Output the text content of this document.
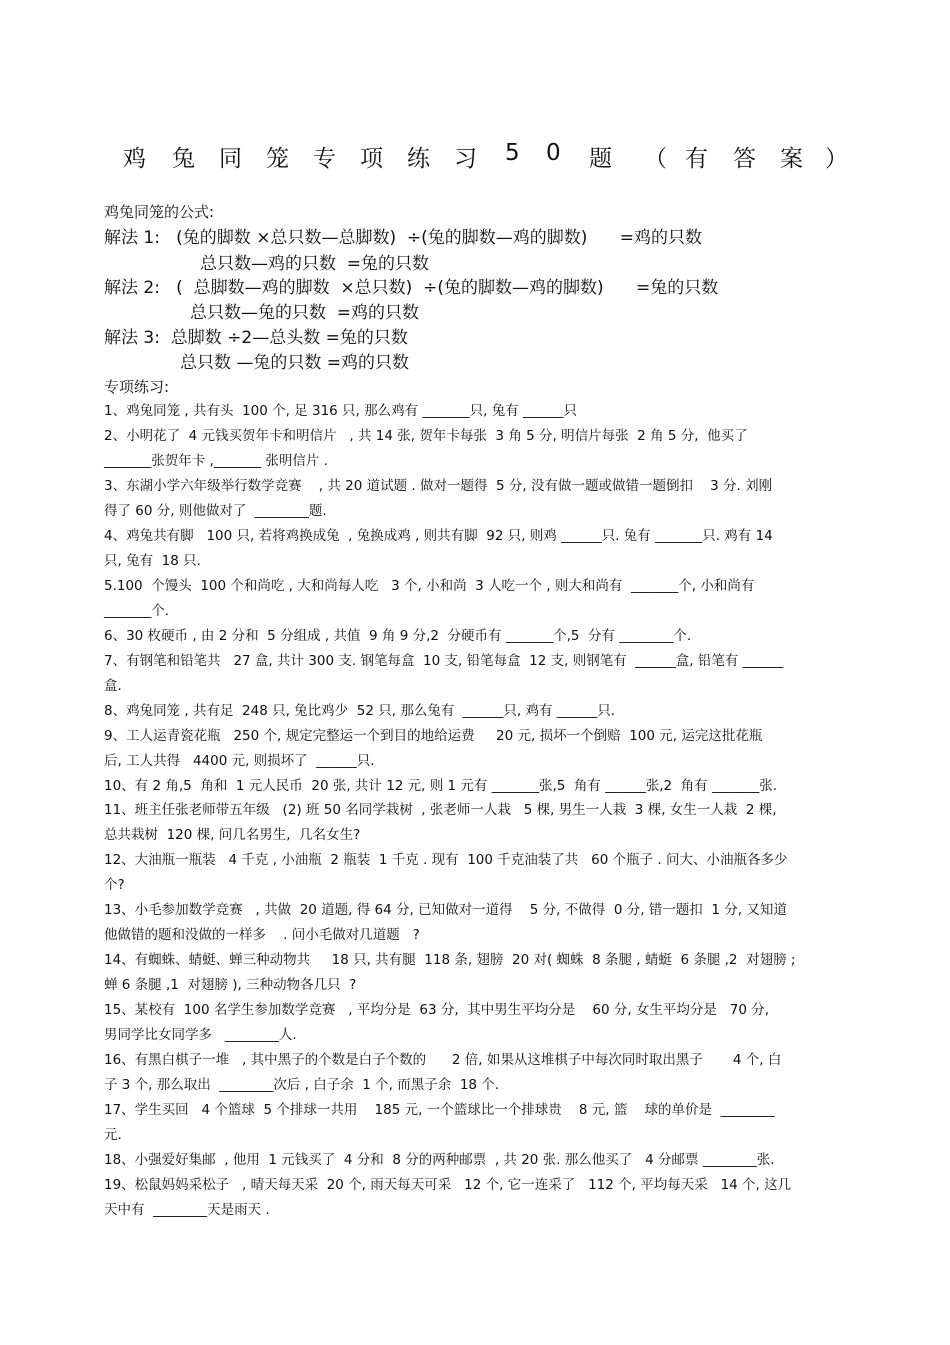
鸡 兔 同 笼 专 项 练 习 5 0 题 （ 有 答 案 ）
鸡兔同笼的公式:
解法 1:   (兔的脚数 ×总只数—总脚数)  ÷(兔的脚数—鸡的脚数)      =鸡的只数
总只数—鸡的只数  =兔的只数
解法 2:   (  总脚数—鸡的脚数  ×总只数)  ÷(兔的脚数—鸡的脚数)      =兔的只数
总只数—兔的只数  =鸡的只数
解法 3:  总脚数 ÷2—总头数 =兔的只数
总只数 —兔的只数 =鸡的只数
专项练习:
1、鸡兔同笼 , 共有头  100 个, 足 316 只, 那么鸡有 _______只, 兔有 ______只
2、小明花了  4 元钱买贺年卡和明信片   , 共 14 张, 贺年卡每张  3 角 5 分, 明信片每张  2 角 5 分,  他买了
_______张贺年卡 ,_______ 张明信片 .
3、东湖小学六年级举行数学竞赛    , 共 20 道试题 . 做对一题得  5 分, 没有做一题或做错一题倒扣    3 分. 刘刚
得了 60 分, 则他做对了  ________题.
4、鸡兔共有脚   100 只, 若将鸡换成兔  , 兔换成鸡 , 则共有脚  92 只, 则鸡 ______只. 兔有 _______只. 鸡有 14
只, 兔有  18 只.
5.100  个馒头  100 个和尚吃 , 大和尚每人吃   3 个, 小和尚  3 人吃一个 , 则大和尚有  _______个, 小和尚有
_______个.
6、30 枚硬币 , 由 2 分和  5 分组成 , 共值  9 角 9 分,2  分硬币有 _______个,5  分有 ________个.
7、有钢笔和铅笔共   27 盒, 共计 300 支. 钢笔每盒  10 支, 铅笔每盒  12 支, 则钢笔有  ______盒, 铅笔有 ______
盒.
8、鸡兔同笼 , 共有足  248 只, 兔比鸡少  52 只, 那么兔有  ______只, 鸡有 ______只.
9、工人运青瓷花瓶   250 个, 规定完整运一个到目的地给运费     20 元, 损坏一个倒赔  100 元, 运完这批花瓶
后, 工人共得   4400 元, 则损坏了  ______只.
10、有 2 角,5  角和  1 元人民币  20 张, 共计 12 元, 则 1 元有 _______张,5  角有 ______张,2  角有 _______张.
11、班主任张老师带五年级   (2) 班 50 名同学栽树  , 张老师一人栽   5 棵, 男生一人栽  3 棵, 女生一人栽  2 棵,
总共栽树  120 棵, 问几名男生,  几名女生?
12、大油瓶一瓶装   4 千克 , 小油瓶  2 瓶装  1 千克 . 现有  100 千克油装了共   60 个瓶子 . 问大、小油瓶各多少
个?
13、小毛参加数学竞赛   , 共做  20 道题, 得 64 分, 已知做对一道得    5 分, 不做得  0 分, 错一题扣  1 分, 又知道
他做错的题和没做的一样多    . 问小毛做对几道题   ?
14、有蜘蛛、蜻蜓、蝉三种动物共     18 只, 共有腿  118 条, 翅膀  20 对( 蜘蛛  8 条腿 , 蜻蜓  6 条腿 ,2  对翅膀 ;
蝉 6 条腿 ,1  对翅膀 ), 三种动物各几只  ?
15、某校有  100 名学生参加数学竞赛   , 平均分是  63 分,  其中男生平均分是    60 分, 女生平均分是   70 分,
男同学比女同学多   ________人.
16、有黑白棋子一堆   , 其中黑子的个数是白子个数的      2 倍, 如果从这堆棋子中每次同时取出黑子       4 个, 白
子 3 个, 那么取出  ________次后 , 白子余  1 个, 而黑子余  18 个.
17、学生买回   4 个篮球  5 个排球一共用    185 元, 一个篮球比一个排球贵    8 元, 篮    球的单价是  ________
元.
18、小强爱好集邮  , 他用  1 元钱买了  4 分和  8 分的两种邮票  , 共 20 张. 那么他买了   4 分邮票 ________张.
19、松鼠妈妈采松子   , 晴天每天采  20 个, 雨天每天可采   12 个, 它一连采了   112 个, 平均每天采   14 个, 这几
天中有  ________天是雨天 .
